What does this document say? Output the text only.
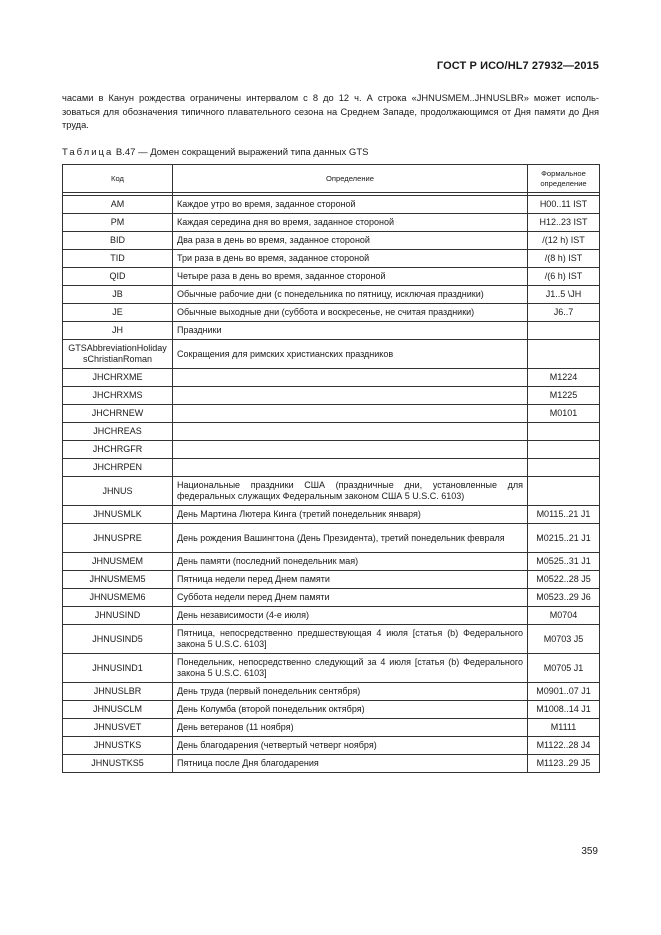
ГОСТ Р ИСО/HL7 27932—2015

часами в Канун рождества ограничены интервалом с 8 до 12 ч. А строка «JHNUSMEM..JHNUSLBR» может исполь-зоваться для обозначения типичного плавательного сезона на Среднем Западе, продолжающимся от Дня памяти до Дня труда.

Таблица В.47 — Домен сокращений выражений типа данных GTS
Код	Определение	Формальное определение

AM	Каждое утро во время, заданное стороной	H00..11 IST
PM	Каждая середина дня во время, заданное стороной	H12..23 IST
BID	Два раза в день во время, заданное стороной	/(12 h) IST
TID	Три раза в день во время, заданное стороной	/(8 h) IST
QID	Четыре раза в день во время, заданное стороной	/(6 h) IST
JB	Обычные рабочие дни (с понедельника по пятницу, исключая праздники)	J1..5 \JH
JE	Обычные выходные дни (суббота и воскресенье, не считая праздники)	J6..7
JH	Праздники	
GTSAbbreviationHol​idaysChristianRoman	Сокращения для римских христианских праздников	
JHCHRXME		M1224
JHCHRXMS		M1225
JHCHRNEW		M0101
JHCHREAS		
JHCHRGFR		
JHCHRPEN		
JHNUS	Национальные праздники США (праздничные дни, установленные для федеральных служащих Федеральным законом США 5 U.S.C. 6103)	
JHNUSMLK	День Мартина Лютера Кинга (третий понедельник января)	M0115..21 J1
JHNUSPRE	День рождения Вашингтона (День Президента), третий понедельник февраля	M0215..21 J1
JHNUSMEM	День памяти (последний понедельник мая)	M0525..31 J1
JHNUSMEM5	Пятница недели перед Днем памяти	M0522..28 J5
JHNUSMEM6	Суббота недели перед Днем памяти	M0523..29 J6
JHNUSIND	День независимости (4-е июля)	M0704
JHNUSIND5	Пятница, непосредственно предшествующая 4 июля [статья (b) Федерального закона 5 U.S.C. 6103]	M0703 J5
JHNUSIND1	Понедельник, непосредственно следующий за 4 июля [статья (b) Федерального закона 5 U.S.C. 6103]	M0705 J1
JHNUSLBR	День труда (первый понедельник сентября)	M0901..07 J1
JHNUSCLM	День Колумба (второй понедельник октября)	M1008..14 J1
JHNUSVET	День ветеранов (11 ноября)	M1111
JHNUSTKS	День благодарения (четвертый четверг ноября)	M1122..28 J4
JHNUSTKS5	Пятница после Дня благодарения	M1123..29 J5
359
